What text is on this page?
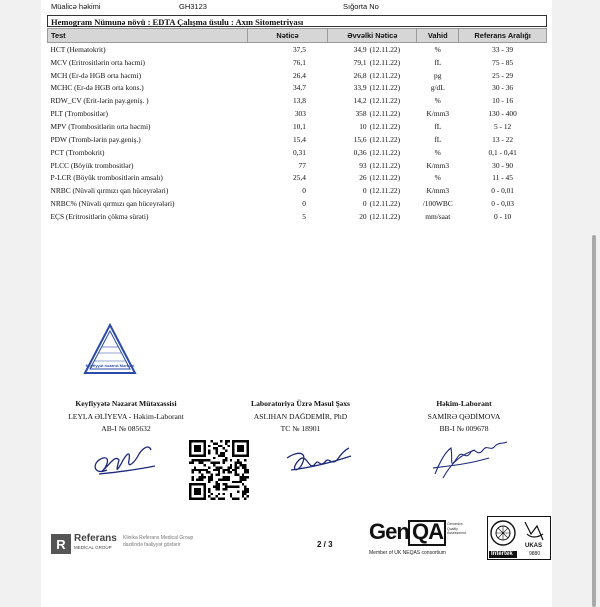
Müalicə həkimi	GH3123	Sığorta No
Hemogram Nümunə növü : EDTA Çalışma üsulu : Axın Sitometriyası
Test	Nəticə	Əvvəlki Nəticə	Vahid	Referans Aralığı
HCT (Hematokrit)	37,5	34,9 (12.11.22)	%	33 - 39
MCV (Eritrositlərin orta həcmi)	76,1	79,1 (12.11.22)	fL	75 - 85
MCH (Er-də HGB orta həcmi)	26,4	26,8 (12.11.22)	pg	25 - 29
MCHC (Er-də HGB orta kons.)	34,7	33,9 (12.11.22)	g/dL	30 - 36
RDW_CV (Erit-lərin pay.geniş. )	13,8	14,2 (12.11.22)	%	10 - 16
PLT (Trombositlər)	303	358 (12.11.22)	K/mm3	130 - 400
MPV (Trombositlərin orta həcmi)	10,1	10 (12.11.22)	fL	5 - 12
PDW (Tromb-lərin pay.geniş.)	15,4	15,6 (12.11.22)	fL	13 - 22
PCT (Trombokrit)	0,31	0,36 (12.11.22)	%	0,1 - 0,41
PLCC (Böyük trombositlər)	77	93 (12.11.22)	K/mm3	30 - 90
P-LCR (Böyük trombositlərin əmsalı)	25,4	26 (12.11.22)	%	11 - 45
NRBC (Nüvəli qırmızı qan hüceyrələri)	0	0 (12.11.22)	K/mm3	0 - 0,01
NRBC% (Nüvəli qırmızı qan hüceyrələri)	0	0 (12.11.22)	/100WBC	0 - 0,03
EÇS (Eritrositlərin çökmə sürəti)	5	20 (12.11.22)	mm/saat	0 - 10
Keyfiyyət nəzarət Mərkəzi
Keyfiyyətə Nəzarət Mütəxəssisi
LEYLA ƏLİYEVA - Həkim-Laborant
AB-I № 085632
Laboratoriya Üzrə Məsul Şəxs
ASLIHAN DAĞDEMİR, PhD
TC № 18901
Həkim-Laborant
SAMİRƏ QƏDİMOVA
BB-I № 009678
R Referans
MEDICAL GROUP
Klinika Referans Medical Group
daxilində fəaliyyət göstərir	2 / 3
Gen QA Genomics Quality Assessment
Member of UK NEQAS consortium
UKAS
9880
Intertek
